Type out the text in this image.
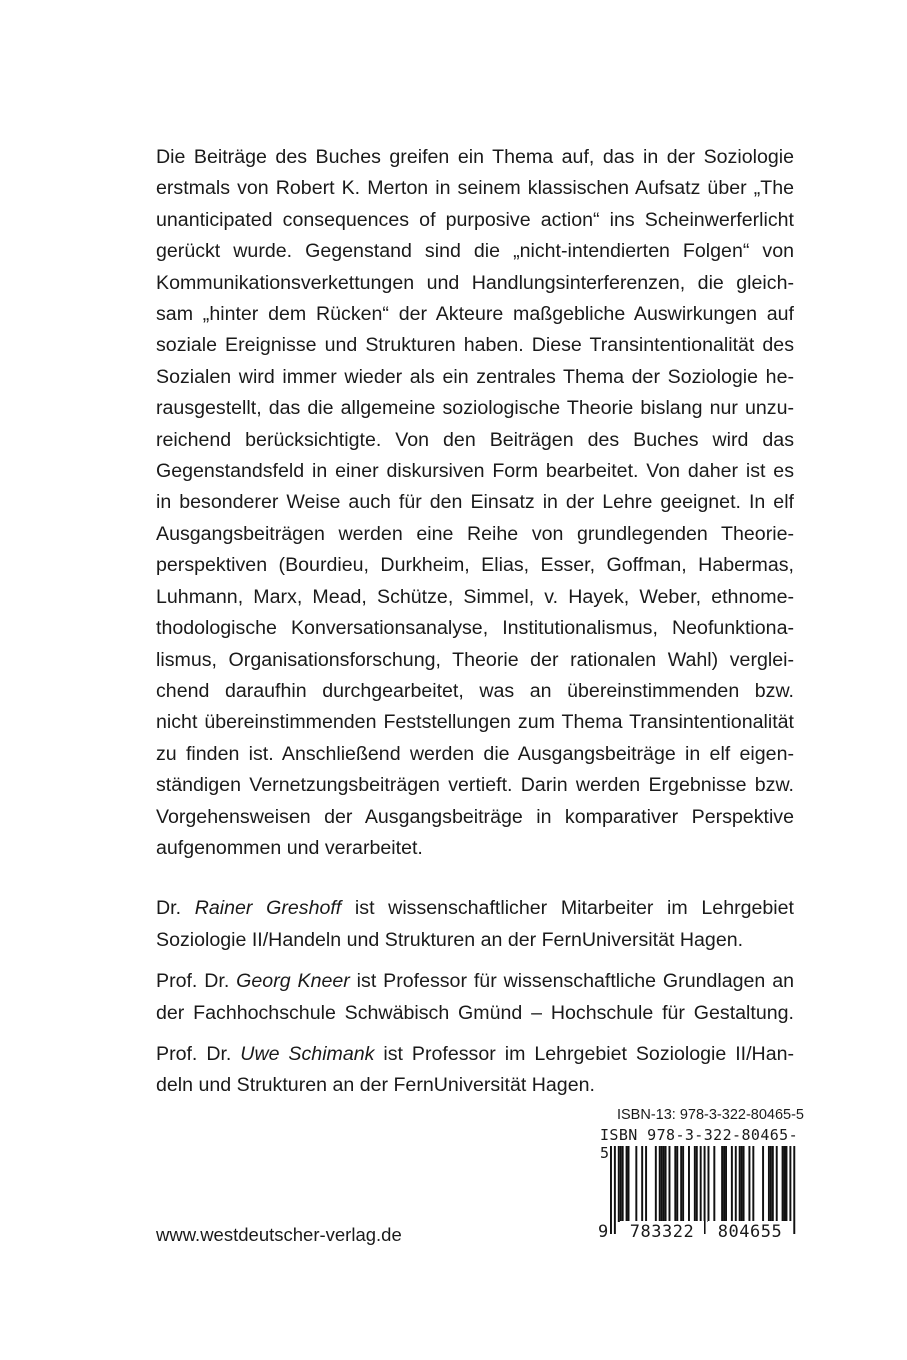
Die Beiträge des Buches greifen ein Thema auf, das in der Soziologie
erstmals von Robert K. Merton in seinem klassischen Aufsatz über „The
unanticipated consequences of purposive action“ ins Scheinwerferlicht
gerückt wurde. Gegenstand sind die „nicht-intendierten Folgen“ von
Kommunikationsverkettungen und Handlungsinterferenzen, die gleich-
sam „hinter dem Rücken“ der Akteure maßgebliche Auswirkungen auf
soziale Ereignisse und Strukturen haben. Diese Transintentionalität des
Sozialen wird immer wieder als ein zentrales Thema der Soziologie he-
rausgestellt, das die allgemeine soziologische Theorie bislang nur unzu-
reichend berücksichtigte. Von den Beiträgen des Buches wird das
Gegenstandsfeld in einer diskursiven Form bearbeitet. Von daher ist es
in besonderer Weise auch für den Einsatz in der Lehre geeignet. In elf
Ausgangsbeiträgen werden eine Reihe von grundlegenden Theorie-
perspektiven (Bourdieu, Durkheim, Elias, Esser, Goffman, Habermas,
Luhmann, Marx, Mead, Schütze, Simmel, v. Hayek, Weber, ethnome-
thodologische Konversationsanalyse, Institutionalismus, Neofunktiona-
lismus, Organisationsforschung, Theorie der rationalen Wahl) verglei-
chend daraufhin durchgearbeitet, was an übereinstimmenden bzw.
nicht übereinstimmenden Feststellungen zum Thema Transintentionalität
zu finden ist. Anschließend werden die Ausgangsbeiträge in elf eigen-
ständigen Vernetzungsbeiträgen vertieft. Darin werden Ergebnisse bzw.
Vorgehensweisen der Ausgangsbeiträge in komparativer Perspektive
aufgenommen und verarbeitet.
Dr. Rainer Greshoff ist wissenschaftlicher Mitarbeiter im Lehrgebiet
Soziologie II/Handeln und Strukturen an der FernUniversität Hagen.
Prof. Dr. Georg Kneer ist Professor für wissenschaftliche Grundlagen an
der Fachhochschule Schwäbisch Gmünd – Hochschule für Gestaltung.
Prof. Dr. Uwe Schimank ist Professor im Lehrgebiet Soziologie II/Han-
deln und Strukturen an der FernUniversität Hagen.
www.westdeutscher-verlag.de
ISBN-13: 978-3-322-80465-5
ISBN 978-3-322-80465-5
9	783322	804655
